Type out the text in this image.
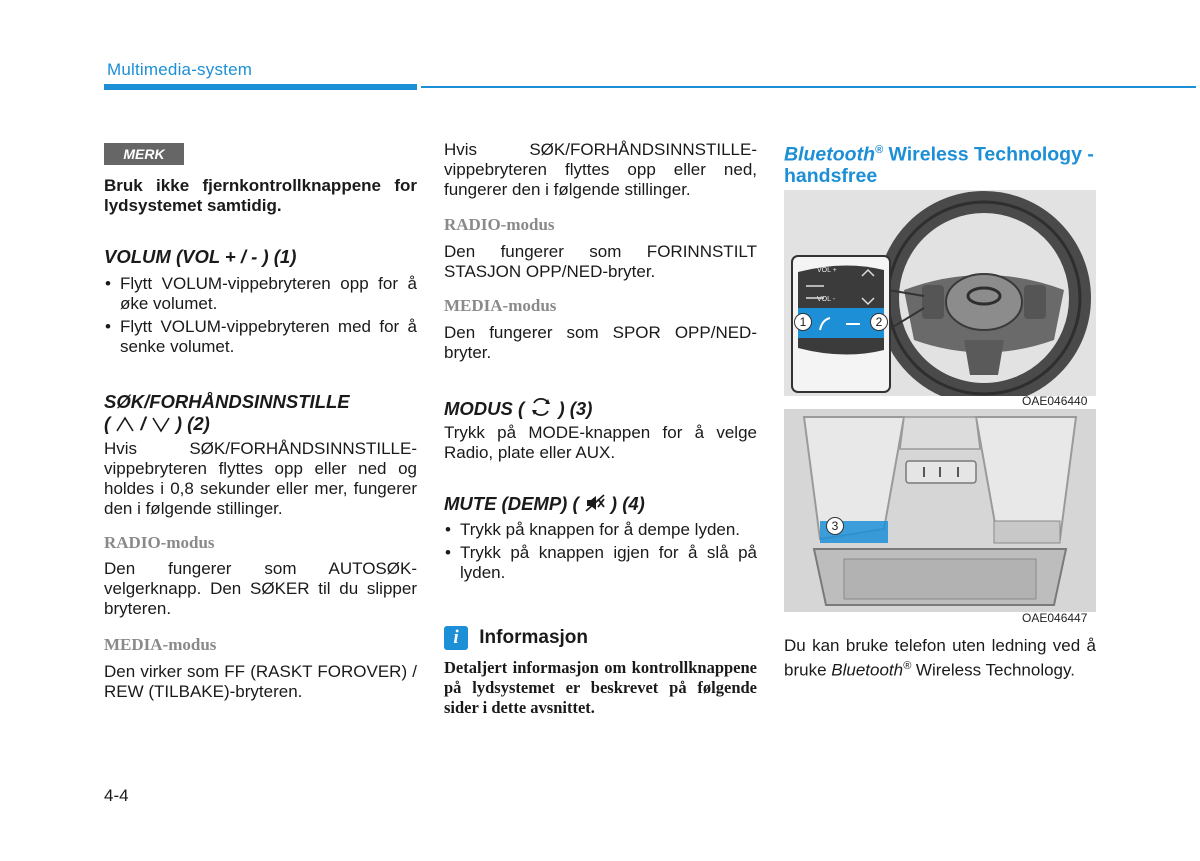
Multimedia-system
MERK
Bruk ikke fjernkontrollknappene for lydsystemet samtidig.
VOLUM (VOL + / - ) (1)
• Flytt VOLUM-vippebryteren opp for å øke volumet.
• Flytt VOLUM-vippebryteren med for å senke volumet.
SØK/FORHÅNDSINNSTILLE
( / ) (2)
Hvis SØK/FORHÅNDSINNSTILLE-vippebryteren flyttes opp eller ned og holdes i 0,8 sekunder eller mer, fungerer den i følgende stillinger.
RADIO-modus
Den fungerer som AUTOSØK-velgerknapp. Den SØKER til du slipper bryteren.
MEDIA-modus
Den virker som FF (RASKT FOROVER) / REW (TILBAKE)-bryteren.
4-4
Hvis SØK/FORHÅNDSINNSTILLE-vippebryteren flyttes opp eller ned, fungerer den i følgende stillinger.
RADIO-modus
Den fungerer som FORINNSTILT STASJON OPP/NED-bryter.
MEDIA-modus
Den fungerer som SPOR OPP/NED-bryter.
MODUS ( ) (3)
Trykk på MODE-knappen for å velge Radio, plate eller AUX.
MUTE (DEMP) ( ) (4)
• Trykk på knappen for å dempe lyden.
• Trykk på knappen igjen for å slå på lyden.
i Informasjon
Detaljert informasjon om kontrollknappene på lydsystemet er beskrevet på følgende sider i dette avsnittet.
Bluetooth® Wireless Technology -handsfree
VOL +
VOL -
1	2
OAE046440
3
OAE046447
Du kan bruke telefon uten ledning ved å bruke Bluetooth® Wireless Technology.
